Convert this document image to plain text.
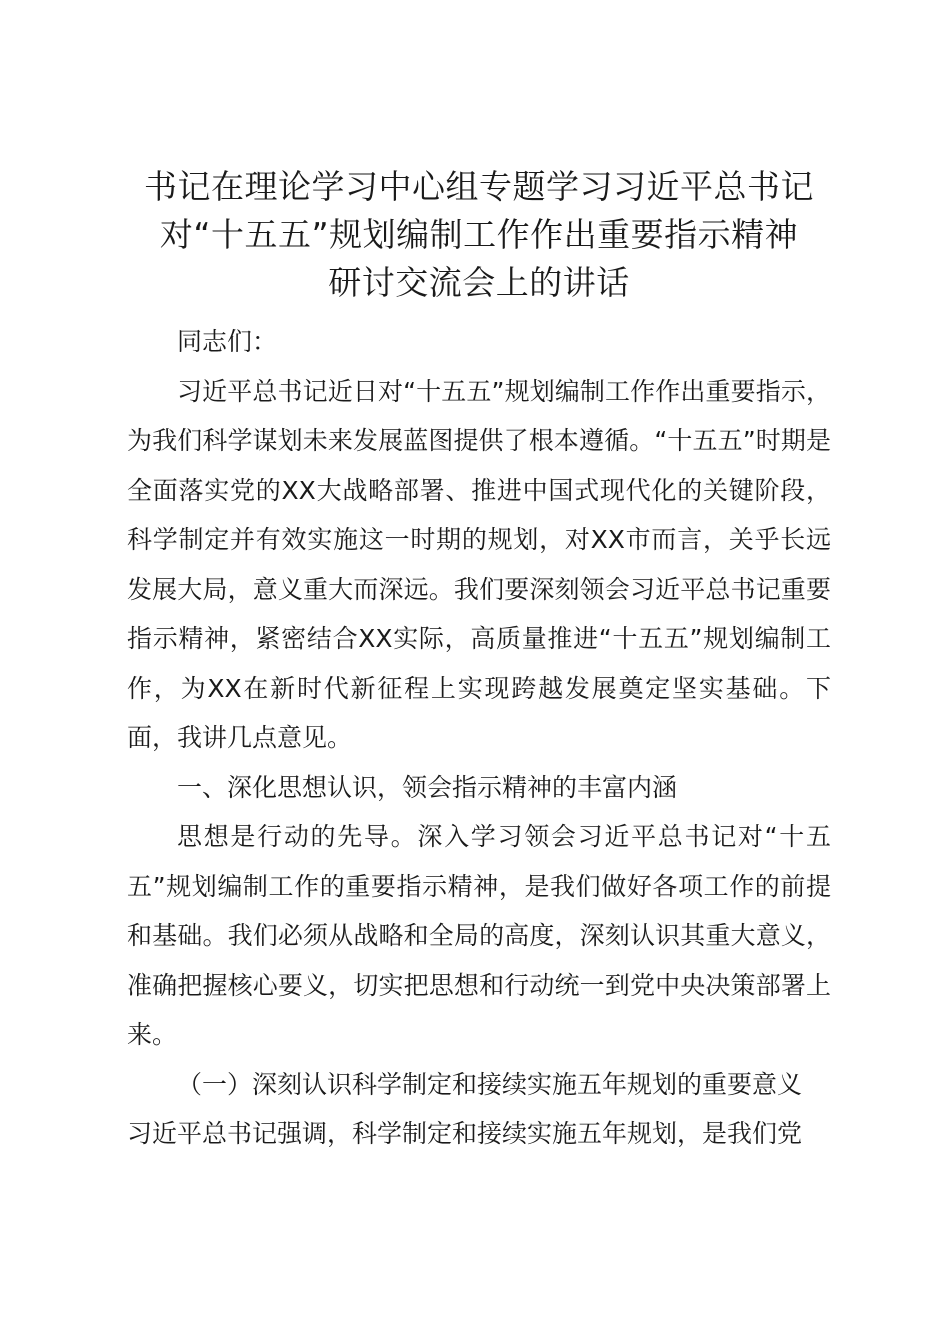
书记在理论学习中心组专题学习习近平总书记
对“十五五”规划编制工作作出重要指示精神
研讨交流会上的讲话

同志们：

习近平总书记近日对“十五五”规划编制工作作出重要指示，为我们科学谋划未来发展蓝图提供了根本遵循。“十五五”时期是全面落实党的XX大战略部署、推进中国式现代化的关键阶段，科学制定并有效实施这一时期的规划，对XX市而言，关乎长远发展大局，意义重大而深远。我们要深刻领会习近平总书记重要指示精神，紧密结合XX实际，高质量推进“十五五”规划编制工作，为XX在新时代新征程上实现跨越发展奠定坚实基础。下面，我讲几点意见。

一、深化思想认识，领会指示精神的丰富内涵

思想是行动的先导。深入学习领会习近平总书记对“十五五”规划编制工作的重要指示精神，是我们做好各项工作的前提和基础。我们必须从战略和全局的高度，深刻认识其重大意义，准确把握核心要义，切实把思想和行动统一到党中央决策部署上来。

（一）深刻认识科学制定和接续实施五年规划的重要意义

习近平总书记强调，科学制定和接续实施五年规划，是我们党
